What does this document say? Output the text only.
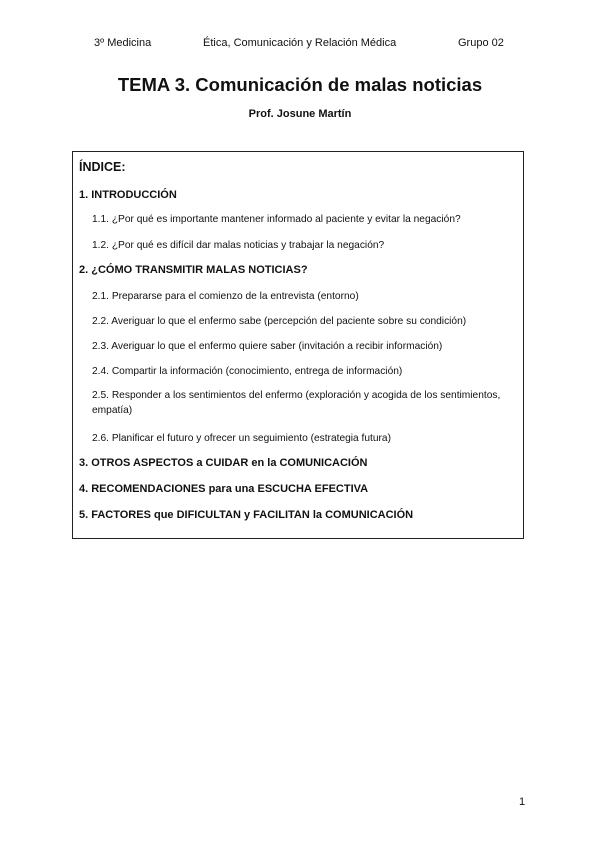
3º Medicina	Ética, Comunicación y Relación Médica	Grupo 02
TEMA 3. Comunicación de malas noticias
Prof. Josune Martín
ÍNDICE:
1. INTRODUCCIÓN
1.1. ¿Por qué es importante mantener informado al paciente y evitar la negación?
1.2. ¿Por qué es difícil dar malas noticias y trabajar la negación?
2. ¿CÓMO TRANSMITIR MALAS NOTICIAS?
2.1. Prepararse para el comienzo de la entrevista (entorno)
2.2. Averiguar lo que el enfermo sabe (percepción del paciente sobre su condición)
2.3. Averiguar lo que el enfermo quiere saber (invitación a recibir información)
2.4. Compartir la información (conocimiento, entrega de información)
2.5. Responder a los sentimientos del enfermo (exploración y acogida de los sentimientos, empatía)
2.6. Planificar el futuro y ofrecer un seguimiento (estrategia futura)
3. OTROS ASPECTOS a CUIDAR en la COMUNICACIÓN
4. RECOMENDACIONES para una ESCUCHA EFECTIVA
5. FACTORES que DIFICULTAN y FACILITAN la COMUNICACIÓN
1
